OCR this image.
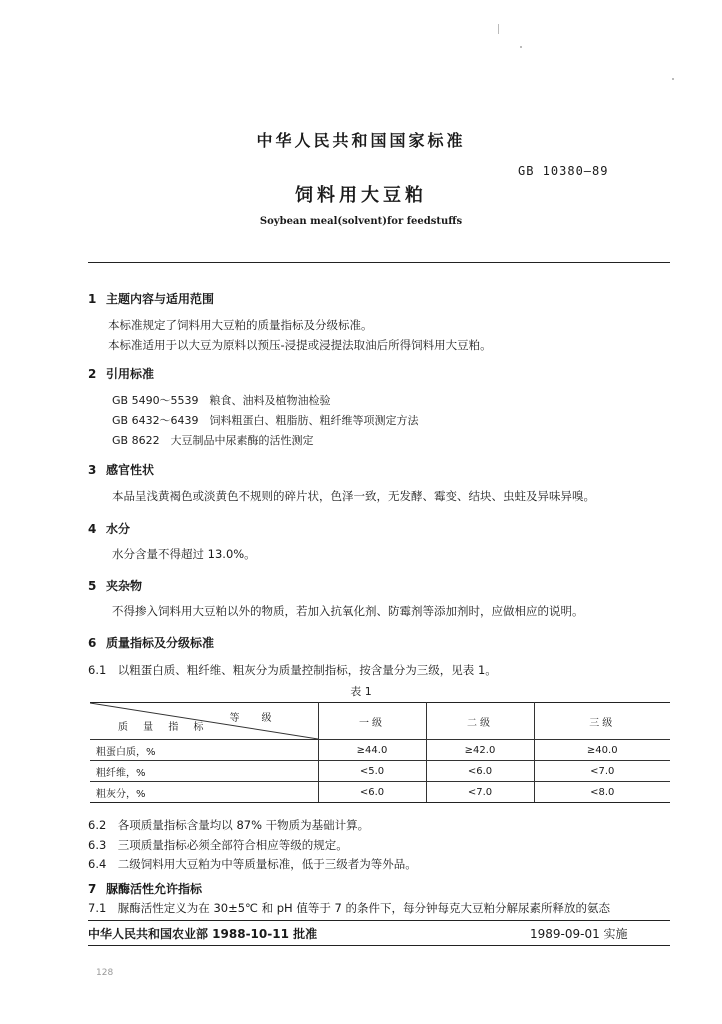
中华人民共和国国家标准
GB 10380—89
饲料用大豆粕
Soybean meal(solvent)for feedstuffs
1 主题内容与适用范围
本标准规定了饲料用大豆粕的质量指标及分级标准。
本标准适用于以大豆为原料以预压-浸提或浸提法取油后所得饲料用大豆粕。
2 引用标准
GB 5490～5539　粮食、油料及植物油检验
GB 6432～6439　饲料粗蛋白、粗脂肪、粗纤维等项测定方法
GB 8622　大豆制品中尿素酶的活性测定
3 感官性状
本品呈浅黄褐色或淡黄色不规则的碎片状，色泽一致，无发酵、霉变、结块、虫蛀及异味异嗅。
4 水分
水分含量不得超过 13.0%。
5 夹杂物
不得掺入饲料用大豆粕以外的物质，若加入抗氧化剂、防霉剂等添加剂时，应做相应的说明。
6 质量指标及分级标准
6.1　以粗蛋白质、粗纤维、粗灰分为质量控制指标，按含量分为三级，见表 1。
表 1
等　级
质 量 指 标	一级	二级	三级
粗蛋白质，%	≥44.0	≥42.0	≥40.0
粗纤维，%	<5.0	<6.0	<7.0
粗灰分，%	<6.0	<7.0	<8.0
6.2　各项质量指标含量均以 87% 干物质为基础计算。
6.3　三项质量指标必须全部符合相应等级的规定。
6.4　二级饲料用大豆粕为中等质量标准，低于三级者为等外品。
7 脲酶活性允许指标
7.1　脲酶活性定义为在 30±5℃ 和 pH 值等于 7 的条件下，每分钟每克大豆粕分解尿素所释放的氨态
中华人民共和国农业部 1988-10-11 批准	1989-09-01 实施
128
